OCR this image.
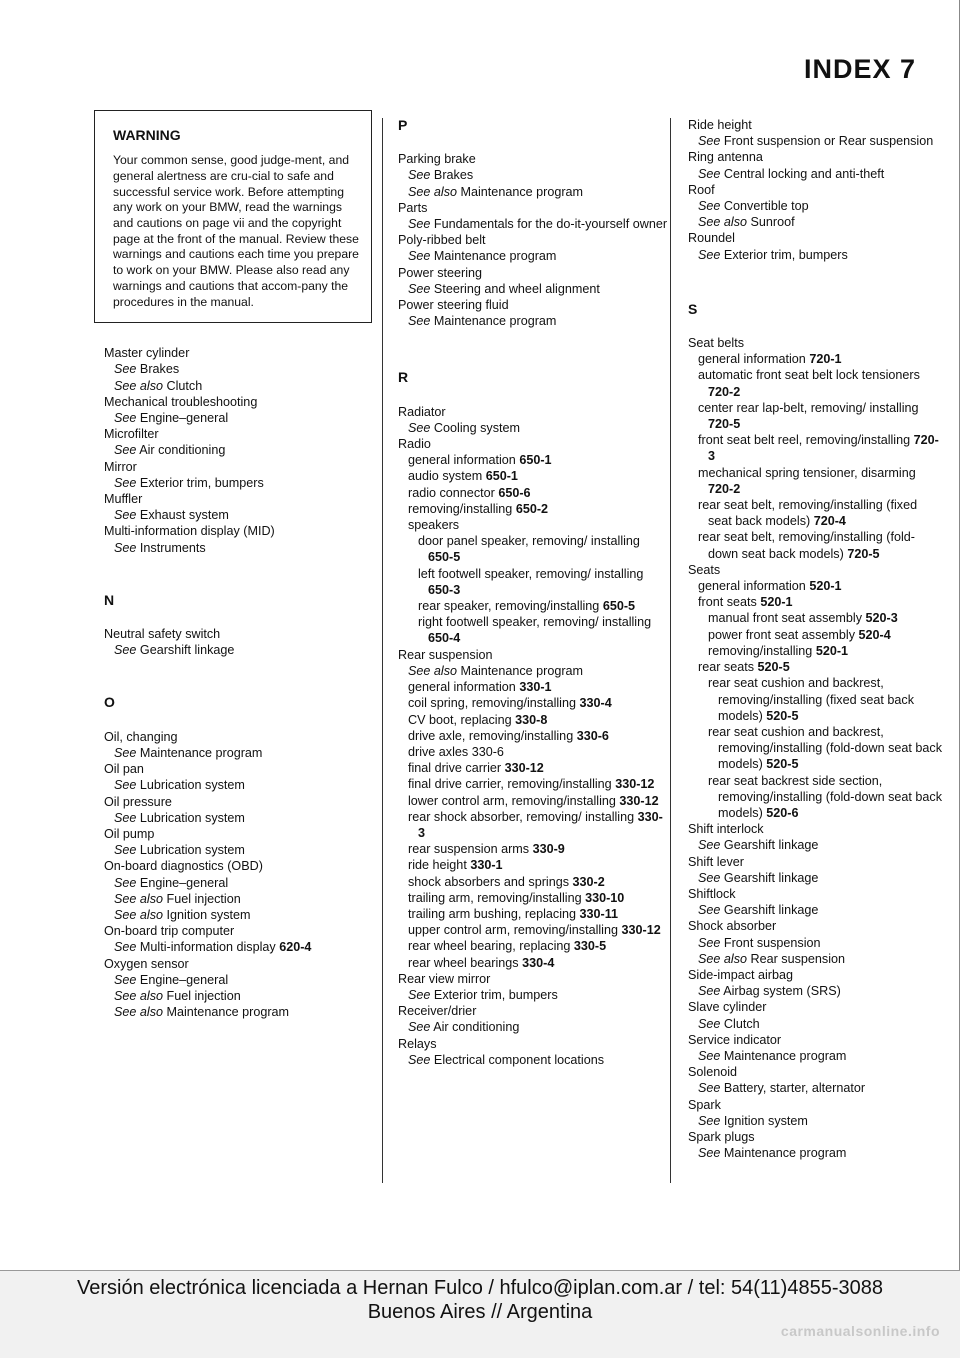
INDEX 7
WARNING
Your common sense, good judge-ment, and general alertness are cru-cial to safe and successful service work. Before attempting any work on your BMW, read the warnings and cautions on page vii and the copyright page at the front of the manual. Review these warnings and cautions each time you prepare to work on your BMW. Please also read any warnings and cautions that accom-pany the procedures in the manual.
Master cylinder
See Brakes
See also Clutch
Mechanical troubleshooting
See Engine–general
Microfilter
See Air conditioning
Mirror
See Exterior trim, bumpers
Muffler
See Exhaust system
Multi-information display (MID)
See Instruments
N
Neutral safety switch
See Gearshift linkage
O
Oil, changing
See Maintenance program
Oil pan
See Lubrication system
Oil pressure
See Lubrication system
Oil pump
See Lubrication system
On-board diagnostics (OBD)
See Engine–general
See also Fuel injection
See also Ignition system
On-board trip computer
See Multi-information display 620-4
Oxygen sensor
See Engine–general
See also Fuel injection
See also Maintenance program
P
Parking brake
See Brakes
See also Maintenance program
Parts
See Fundamentals for the do-it-yourself owner
Poly-ribbed belt
See Maintenance program
Power steering
See Steering and wheel alignment
Power steering fluid
See Maintenance program
R
Radiator
See Cooling system
Radio
general information 650-1
audio system 650-1
radio connector 650-6
removing/installing 650-2
speakers
door panel speaker, removing/ installing 650-5
left footwell speaker, removing/ installing 650-3
rear speaker, removing/installing 650-5
right footwell speaker, removing/ installing 650-4
Rear suspension
See also Maintenance program
general information 330-1
coil spring, removing/installing 330-4
CV boot, replacing 330-8
drive axle, removing/installing 330-6
drive axles 330-6
final drive carrier 330-12
final drive carrier, removing/installing 330-12
lower control arm, removing/installing 330-12
rear shock absorber, removing/ installing 330-3
rear suspension arms 330-9
ride height 330-1
shock absorbers and springs 330-2
trailing arm, removing/installing 330-10
trailing arm bushing, replacing 330-11
upper control arm, removing/installing 330-12
rear wheel bearing, replacing 330-5
rear wheel bearings 330-4
Rear view mirror
See Exterior trim, bumpers
Receiver/drier
See Air conditioning
Relays
See Electrical component locations
Ride height
See Front suspension or Rear suspension
Ring antenna
See Central locking and anti-theft
Roof
See Convertible top
See also Sunroof
Roundel
See Exterior trim, bumpers
S
Seat belts
general information 720-1
automatic front seat belt lock tensioners 720-2
center rear lap-belt, removing/ installing 720-5
front seat belt reel, removing/installing 720-3
mechanical spring tensioner, disarming 720-2
rear seat belt, removing/installing (fixed seat back models) 720-4
rear seat belt, removing/installing (fold-down seat back models) 720-5
Seats
general information 520-1
front seats 520-1
manual front seat assembly 520-3
power front seat assembly 520-4
removing/installing 520-1
rear seats 520-5
rear seat cushion and backrest, removing/installing (fixed seat back models) 520-5
rear seat cushion and backrest, removing/installing (fold-down seat back models) 520-5
rear seat backrest side section, removing/installing (fold-down seat back models) 520-6
Shift interlock
See Gearshift linkage
Shift lever
See Gearshift linkage
Shiftlock
See Gearshift linkage
Shock absorber
See Front suspension
See also Rear suspension
Side-impact airbag
See Airbag system (SRS)
Slave cylinder
See Clutch
Service indicator
See Maintenance program
Solenoid
See Battery, starter, alternator
Spark
See Ignition system
Spark plugs
See Maintenance program
Versión electrónica licenciada a Hernan Fulco / hfulco@iplan.com.ar / tel: 54(11)4855-3088
Buenos Aires // Argentina
carmanualsonline.info
